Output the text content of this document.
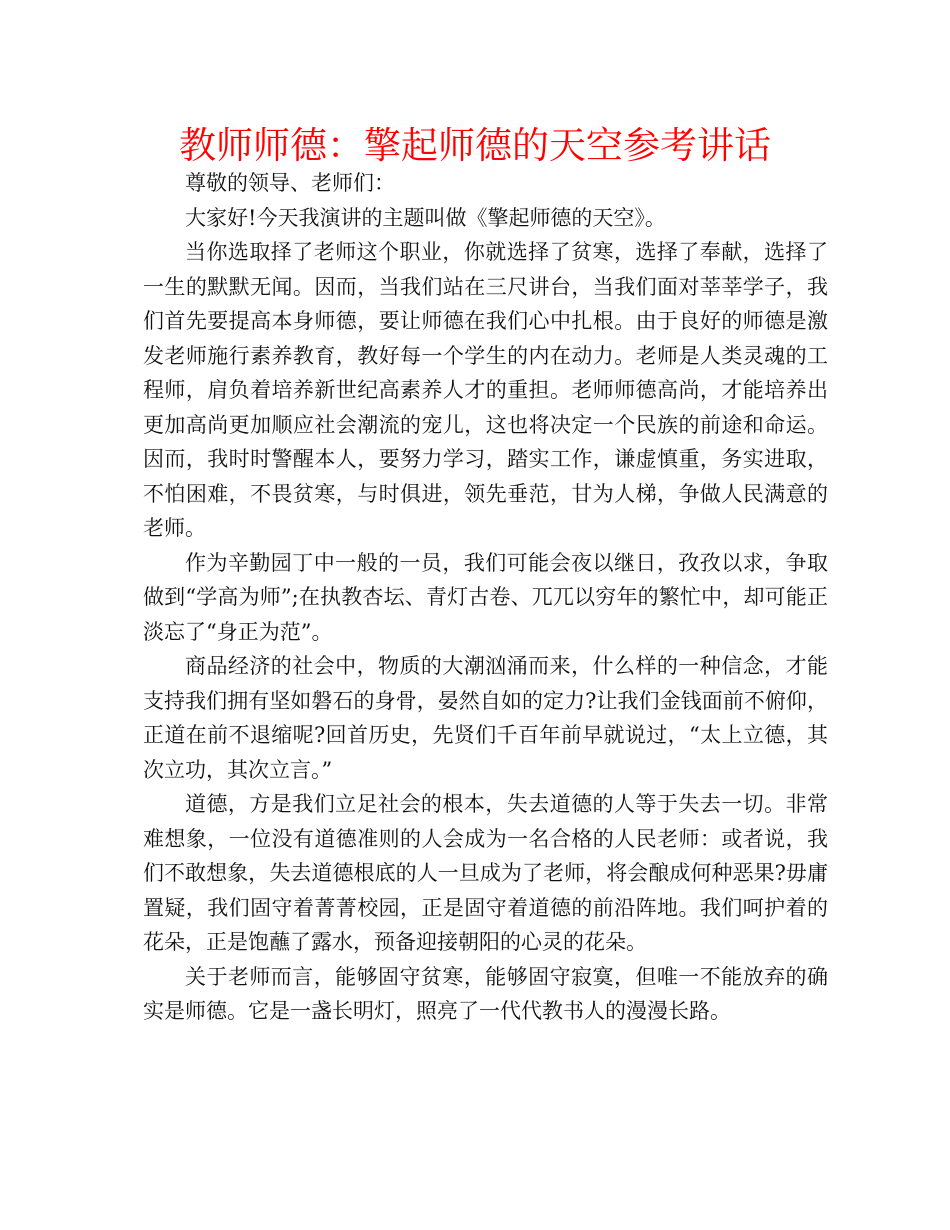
教师师德：擎起师德的天空参考讲话

尊敬的领导、老师们：

大家好!今天我演讲的主题叫做《擎起师德的天空》。

当你选取择了老师这个职业，你就选择了贫寒，选择了奉献，选择了一生的默默无闻。因而，当我们站在三尺讲台，当我们面对莘莘学子，我们首先要提高本身师德，要让师德在我们心中扎根。由于良好的师德是激发老师施行素养教育，教好每一个学生的内在动力。老师是人类灵魂的工程师，肩负着培养新世纪高素养人才的重担。老师师德高尚，才能培养出更加高尚更加顺应社会潮流的宠儿，这也将决定一个民族的前途和命运。因而，我时时警醒本人，要努力学习，踏实工作，谦虚慎重，务实进取，不怕困难，不畏贫寒，与时俱进，领先垂范，甘为人梯，争做人民满意的老师。

作为辛勤园丁中一般的一员，我们可能会夜以继日，孜孜以求，争取做到“学高为师”;在执教杏坛、青灯古卷、兀兀以穷年的繁忙中，却可能正淡忘了“身正为范”。

商品经济的社会中，物质的大潮汹涌而来，什么样的一种信念，才能支持我们拥有坚如磐石的身骨，晏然自如的定力?让我们金钱面前不俯仰，正道在前不退缩呢?回首历史，先贤们千百年前早就说过，“太上立德，其次立功，其次立言。”

道德，方是我们立足社会的根本，失去道德的人等于失去一切。非常难想象，一位没有道德准则的人会成为一名合格的人民老师：或者说，我们不敢想象，失去道德根底的人一旦成为了老师，将会酿成何种恶果?毋庸置疑，我们固守着菁菁校园，正是固守着道德的前沿阵地。我们呵护着的花朵，正是饱蘸了露水，预备迎接朝阳的心灵的花朵。

关于老师而言，能够固守贫寒，能够固守寂寞，但唯一不能放弃的确实是师德。它是一盏长明灯，照亮了一代代教书人的漫漫长路。
